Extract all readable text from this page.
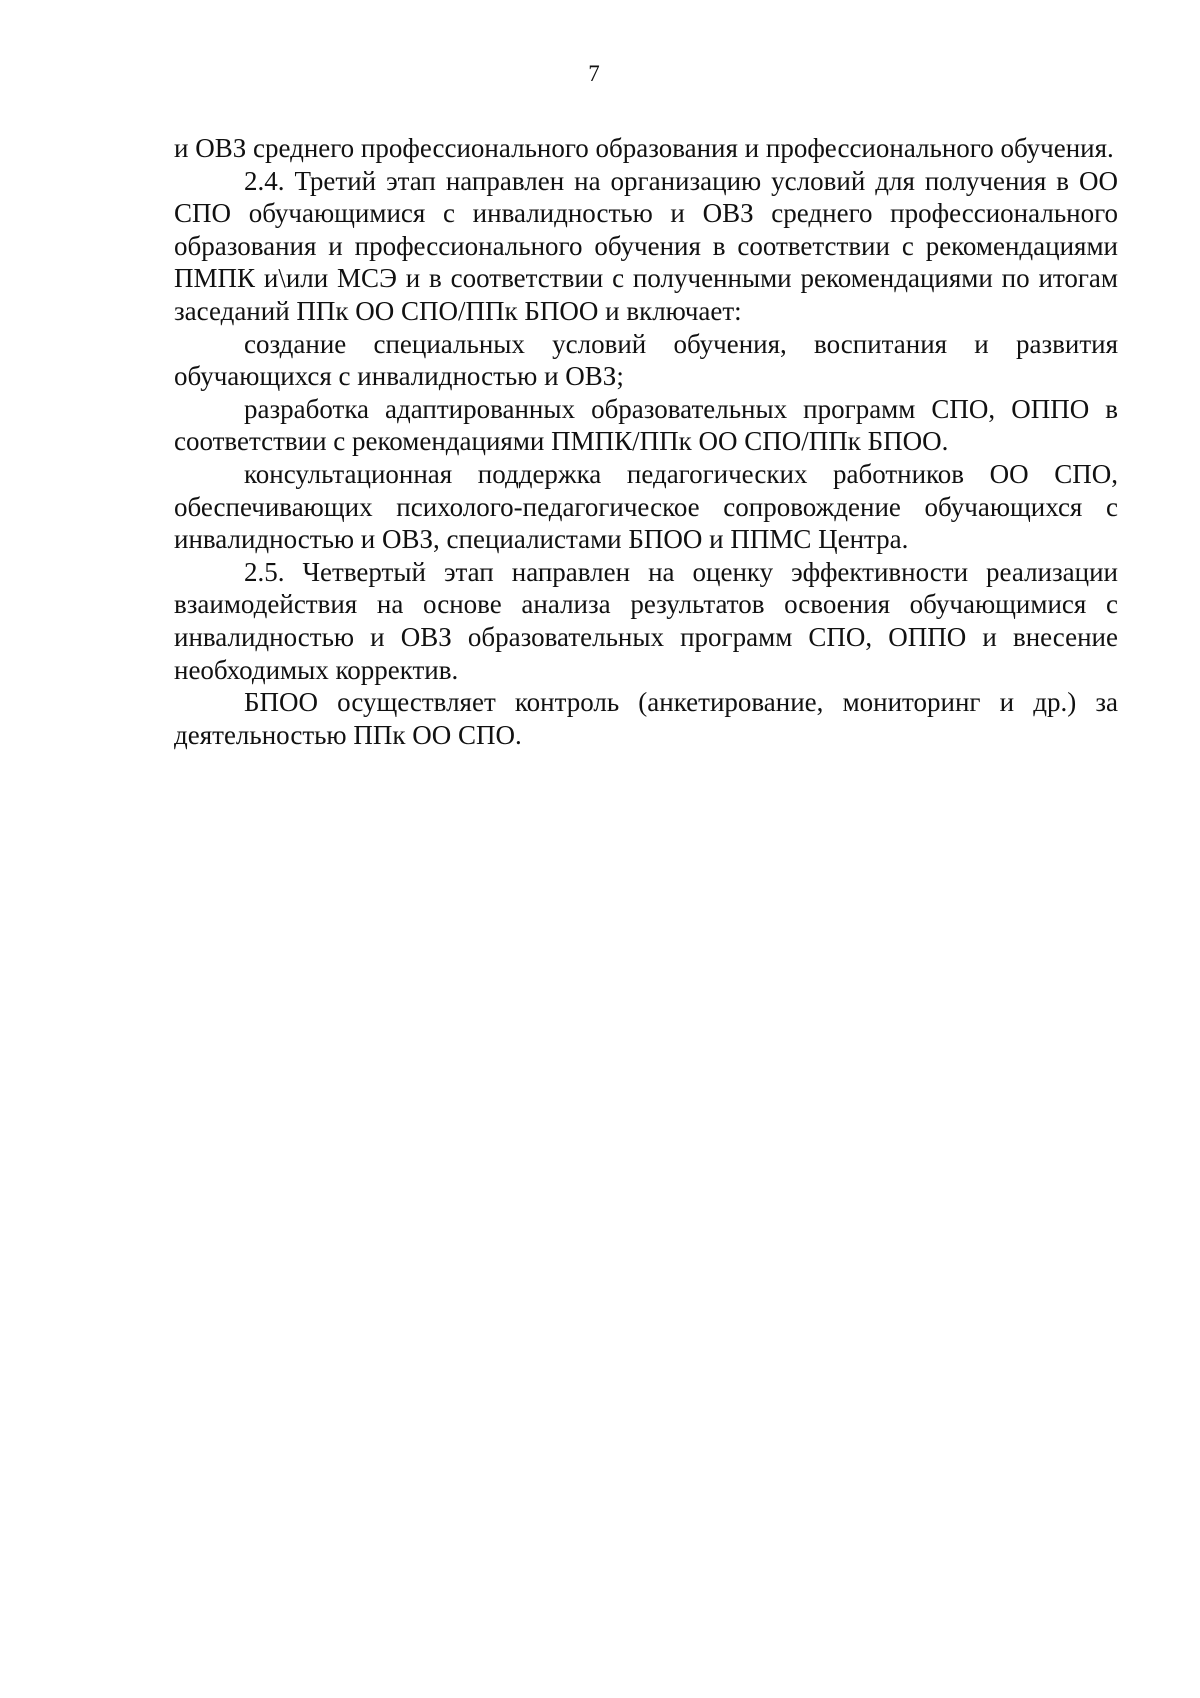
7

и ОВЗ среднего профессионального образования и профессионального обучения.

2.4. Третий этап направлен на организацию условий для получения в ОО СПО обучающимися с инвалидностью и ОВЗ среднего профессионального образования и профессионального обучения в соответствии с рекомендациями ПМПК и\или МСЭ и в соответствии с полученными рекомендациями по итогам заседаний ППк ОО СПО/ППк БПОО и включает:

создание специальных условий обучения, воспитания и развития обучающихся с инвалидностью и ОВЗ;

разработка адаптированных образовательных программ СПО, ОППО в соответствии с рекомендациями ПМПК/ППк ОО СПО/ППк БПОО.

консультационная поддержка педагогических работников ОО СПО, обеспечивающих психолого-педагогическое сопровождение обучающихся с инвалидностью и ОВЗ, специалистами БПОО и ППМС Центра.

2.5. Четвертый этап направлен на оценку эффективности реализации взаимодействия на основе анализа результатов освоения обучающимися с инвалидностью и ОВЗ образовательных программ СПО, ОППО и внесение необходимых корректив.

БПОО осуществляет контроль (анкетирование, мониторинг и др.) за деятельностью ППк ОО СПО.
